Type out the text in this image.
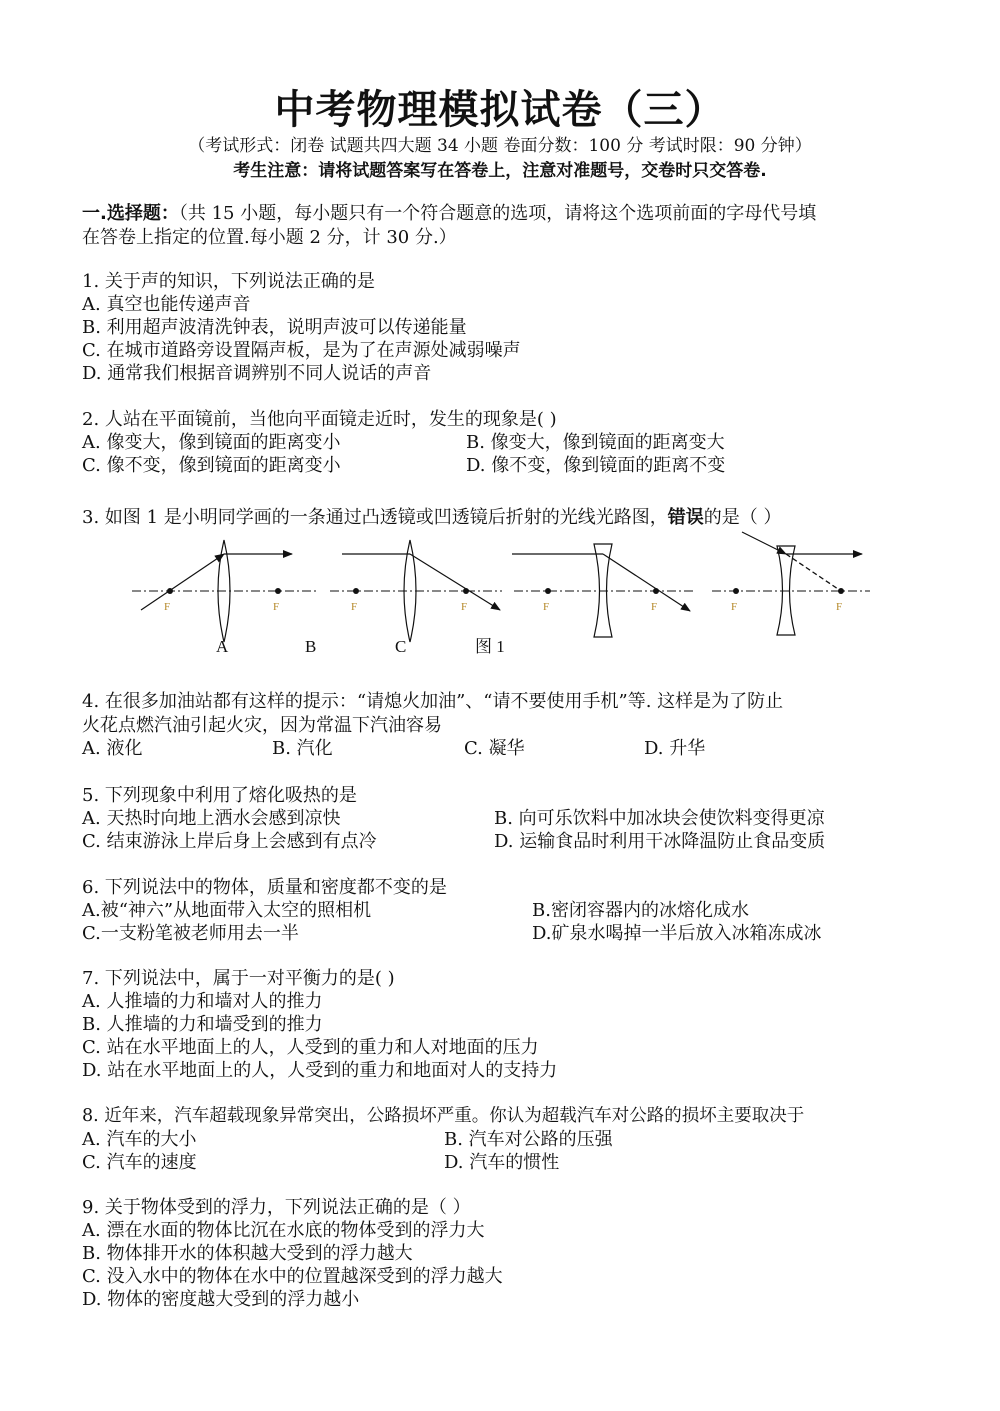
中考物理模拟试卷（三）
（考试形式：闭卷 试题共四大题 34 小题 卷面分数：100 分 考试时限：90 分钟）
考生注意：请将试题答案写在答卷上，注意对准题号，交卷时只交答卷.
一.选择题：（共 15 小题，每小题只有一个符合题意的选项，请将这个选项前面的字母代号填
在答卷上指定的位置.每小题 2 分，计 30 分.）
1. 关于声的知识，下列说法正确的是
A. 真空也能传递声音
B. 利用超声波清洗钟表，说明声波可以传递能量
C. 在城市道路旁设置隔声板，是为了在声源处减弱噪声
D. 通常我们根据音调辨别不同人说话的声音
2. 人站在平面镜前，当他向平面镜走近时，发生的现象是( )
A. 像变大，像到镜面的距离变小	B. 像变大，像到镜面的距离变大
C. 像不变，像到镜面的距离变小	D. 像不变，像到镜面的距离不变
3. 如图 1 是小明同学画的一条通过凸透镜或凹透镜后折射的光线光路图，错误的是（ ）
F	F	F	F	F	F	F	F
A	B	C	图 1
4. 在很多加油站都有这样的提示：“请熄火加油”、“请不要使用手机”等. 这样是为了防止
火花点燃汽油引起火灾，因为常温下汽油容易
A. 液化	B. 汽化	C. 凝华	D. 升华
5. 下列现象中利用了熔化吸热的是
A. 天热时向地上洒水会感到凉快	B. 向可乐饮料中加冰块会使饮料变得更凉
C. 结束游泳上岸后身上会感到有点冷	D. 运输食品时利用干冰降温防止食品变质
6. 下列说法中的物体，质量和密度都不变的是
A.被“神六”从地面带入太空的照相机	B.密闭容器内的冰熔化成水
C.一支粉笔被老师用去一半	D.矿泉水喝掉一半后放入冰箱冻成冰
7. 下列说法中，属于一对平衡力的是( )
A. 人推墙的力和墙对人的推力
B. 人推墙的力和墙受到的推力
C. 站在水平地面上的人，人受到的重力和人对地面的压力
D. 站在水平地面上的人，人受到的重力和地面对人的支持力
8. 近年来，汽车超载现象异常突出，公路损坏严重。你认为超载汽车对公路的损坏主要取决于
A. 汽车的大小	B. 汽车对公路的压强
C. 汽车的速度	D. 汽车的惯性
9. 关于物体受到的浮力，下列说法正确的是（ ）
A. 漂在水面的物体比沉在水底的物体受到的浮力大
B. 物体排开水的体积越大受到的浮力越大
C. 没入水中的物体在水中的位置越深受到的浮力越大
D. 物体的密度越大受到的浮力越小
